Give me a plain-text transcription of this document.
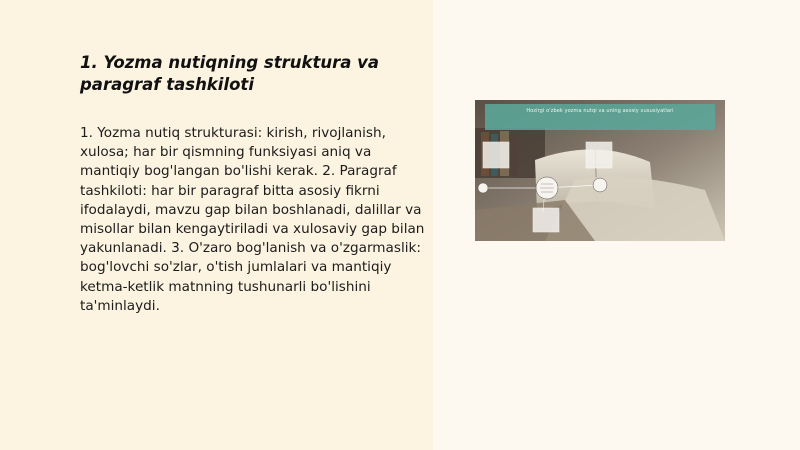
1. Yozma nutiqning struktura va paragraf tashkiloti

1. Yozma nutiq strukturasi: kirish, rivojlanish, xulosa; har bir qismning funksiyasi aniq va mantiqiy bog'langan bo'lishi kerak. 2. Paragraf tashkiloti: har bir paragraf bitta asosiy fikrni ifodalaydi, mavzu gap bilan boshlanadi, dalillar va misollar bilan kengaytiriladi va xulosaviy gap bilan yakunlanadi. 3. O'zaro bog'lanish va o'zgarmaslik: bog'lovchi so'zlar, o'tish jumlalari va mantiqiy ketma-ketlik matnning tushunarli bo'lishini ta'minlaydi.

Hozirgi o'zbek yozma nutqi va uning asosiy xususiyatlari
